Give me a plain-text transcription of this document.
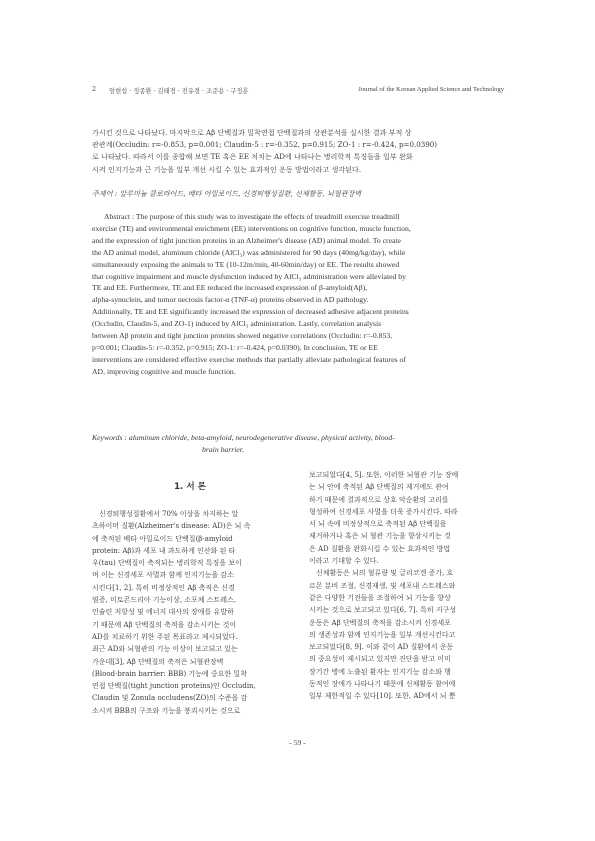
2 엄현섭 · 정종환 · 김태경 · 전유경 · 조준용 · 구정훈	Journal of the Korean Applied Science and Technology
가시킨 것으로 나타났다. 마지막으로 Aβ 단백질과 밀착연접 단백질과의 상관분석을 실시한 결과 부적 상
관관계(Occludin: r=-0.853, p=0.001; Claudin-5 : r=-0.352, p=0.915; ZO-1 : r=-0.424, p=0.0390)
로 나타났다. 따라서 이를 종합해 보면 TE 혹은 EE 처치는 AD에 나타나는 병리학적 특징들을 일부 완화
시켜 인지기능과 근 기능을 일부 개선 시킬 수 있는 효과적인 운동 방법이라고 생각된다.
주제어 : 알루미늄 클로라이드, 베타 아밀로이드, 신경퇴행성질환, 신체활동, 뇌혈관장벽
Abstract : The purpose of this study was to investigate the effects of treadmill exercise treadmill
exercise (TE) and environmental enrichment (EE) interventions on cognitive function, muscle function,
and the expression of tight junction proteins in an Alzheimer's disease (AD) animal model. To create
the AD animal model, aluminum chloride (AlCl₃) was administered for 90 days (40mg/kg/day), while
simultaneously exposing the animals to TE (10-12m/min, 40-60min/day) or EE. The results showed
that cognitive impairment and muscle dysfunction induced by AlCl₃ administration were alleviated by
TE and EE. Furthermore, TE and EE reduced the increased expression of β-amyloid(Aβ),
alpha-synuclein, and tumor necrosis factor-α (TNF-α) proteins observed in AD pathology.
Additionally, TE and EE significantly increased the expression of decreased adhesive adjacent proteins
(Occludin, Claudin-5, and ZO-1) induced by AlCl₃ administration. Lastly, correlation analysis
between Aβ protein and tight junction proteins showed negative correlations (Occludin: r=-0.853,
p=0.001; Claudin-5: r=-0.352, p=0.915; ZO-1: r=-0.424, p=0.0390). In conclusion, TE or EE
interventions are considered effective exercise methods that partially alleviate pathological features of
AD, improving cognitive and muscle function.
Keywords : aluminum chloride, beta-amyloid, neurodegenerative disease, physical activity, blood-
brain barrier.
1. 서 론
신경퇴행성질환에서 70% 이상을 차지하는 알
츠하이머 질환(Alzheimer's disease: AD)은 뇌 속
에 축적된 베타 아밀로이드 단백질(β-amyloid
protein: Aβ)과 세포 내 과도하게 인산화 된 타
우(tau) 단백질이 축적되는 병리학적 특징을 보이
며 이는 신경세포 사멸과 함께 인지기능을 감소
시킨다[1, 2]. 특히 비정상적인 Aβ 축적은 신경
염증, 미토콘드리아 기능이상, 소포체 스트레스,
인슐린 저항성 및 에너지 대사의 장애를 유발하
기 때문에 Aβ 단백질의 축적을 감소시키는 것이
AD를 치료하기 위한 주된 목표라고 제시되었다.
최근 AD와 뇌혈관의 기능 이상이 보고되고 있는
가운데[3], Aβ 단백질의 축적은 뇌혈관장벽
(Blood-brain barrier: BBB) 기능에 중요한 밀착
연접 단백질(tight junction proteins)인 Occludin,
Claudin 및 Zonula occludens(ZO)의 수준을 감
소시켜 BBB의 구조와 기능을 붕괴시키는 것으로
보고되었다[4, 5]. 또한, 이러한 뇌혈관 기능 장애
는 뇌 안에 축적된 Aβ 단백질의 제거에도 관여
하기 때문에 결과적으로 상호 악순환의 고리를
형성하여 신경세포 사멸을 더욱 증가시킨다. 따라
서 뇌 속에 비정상적으로 축적된 Aβ 단백질을
제거하거나 혹은 뇌 혈관 기능을 향상시키는 것
은 AD 질환을 완화시킬 수 있는 효과적인 방법
이라고 기대할 수 있다.
신체활동은 뇌의 혈류량 및 글리코겐 증가, 호
르몬 분비 조절, 신경재생, 및 세포내 스트레스와
같은 다양한 기전들을 조절하여 뇌 기능을 향상
시키는 것으로 보고되고 있다[6, 7]. 특히 지구성
운동은 Aβ 단백질의 축적을 감소시켜 신경세포
의 생존성과 함께 인지기능을 일부 개선시킨다고
보고되었다[8, 9]. 이와 같이 AD 질환에서 운동
의 중요성이 제시되고 있지만 진단을 받고 이미
장기간 병에 노출된 환자는 인지기능 감소와 행
동적인 장애가 나타나기 때문에 신체활동 참여에
일부 제한적일 수 있다[10]. 또한, AD에서 뇌 뿐
- 59 -
